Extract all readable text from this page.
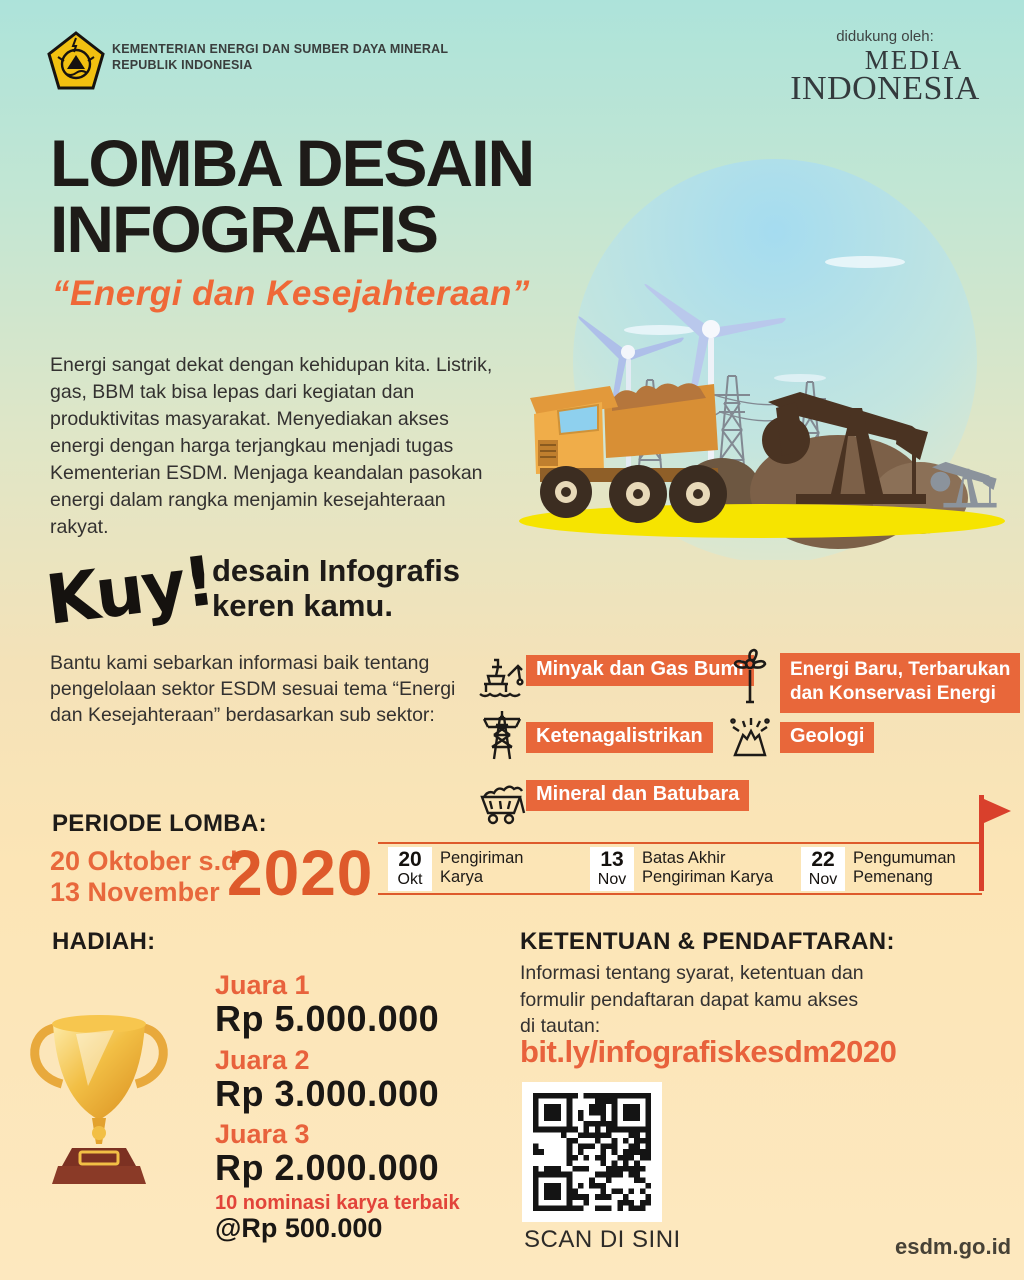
KEMENTERIAN ENERGI DAN SUMBER DAYA MINERAL
REPUBLIK INDONESIA
didukung oleh:
MEDIA
INDONESIA
LOMBA DESAIN
INFOGRAFIS
“Energi dan Kesejahteraan”
Energi sangat dekat dengan kehidupan kita. Listrik, gas, BBM tak bisa lepas dari kegiatan dan produktivitas masyarakat. Menyediakan akses energi dengan harga terjangkau menjadi tugas Kementerian ESDM. Menjaga keandalan pasokan energi dalam rangka menjamin kesejahteraan rakyat.
Kuy!
desain Infografis
keren kamu.
Bantu kami sebarkan informasi baik tentang pengelolaan sektor ESDM sesuai tema “Energi dan Kesejahteraan” berdasarkan sub sektor:
Minyak dan Gas Bumi
Ketenagalistrikan
Mineral dan Batubara
Energi Baru, Terbarukan
dan Konservasi Energi
Geologi
PERIODE LOMBA:
20 Oktober s.d
13 November 2020	20
Okt
Pengiriman
Karya
13
Nov
Batas Akhir
Pengiriman Karya
22
Nov
Pengumuman
Pemenang
HADIAH:
Juara 1
Rp 5.000.000
Juara 2
Rp 3.000.000
Juara 3
Rp 2.000.000
10 nominasi karya terbaik
@Rp 500.000
KETENTUAN & PENDAFTARAN:
Informasi tentang syarat, ketentuan dan
formulir pendaftaran dapat kamu akses
di tautan:
bit.ly/infografiskesdm2020
SCAN DI SINI	esdm.go.id
